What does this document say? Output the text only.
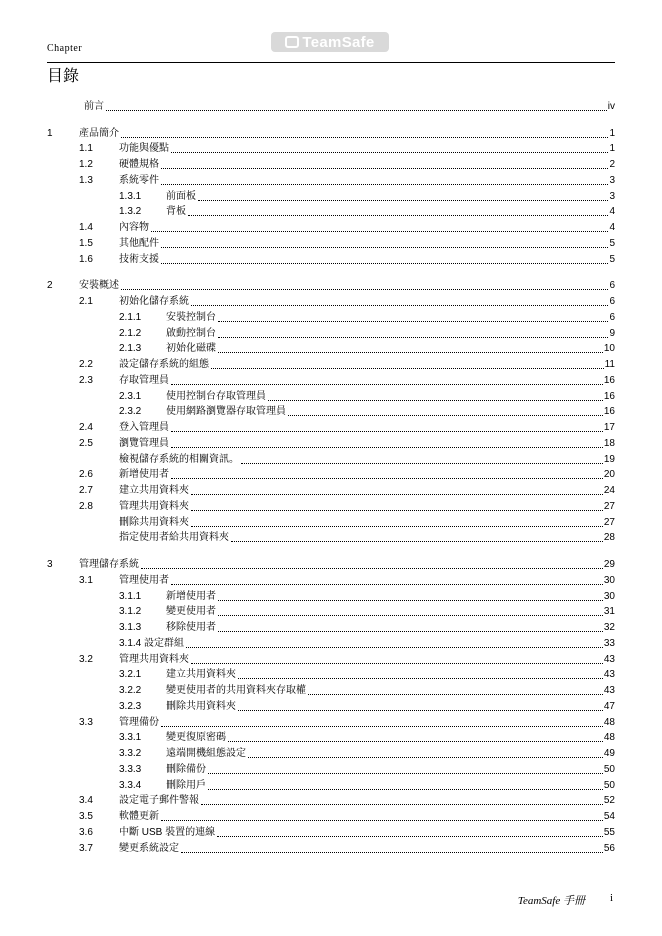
Chapter	TeamSafe
目錄
前言	iv
1	產品簡介	1
1.1	功能與優點	1
1.2	硬體規格	2
1.3	系統零件	3
1.3.1 前面板	3
1.3.2 背板	4
1.4	內容物	4
1.5	其他配件	5
1.6	技術支援	5
2	安裝概述	6
2.1	初始化儲存系統	6
2.1.1 安裝控制台	6
2.1.2 啟動控制台	9
2.1.3 初始化磁碟	10
2.2	設定儲存系統的組態	11
2.3	存取管理員	16
2.3.1 使用控制台存取管理員	16
2.3.2 使用網路瀏覽器存取管理員	16
2.4	登入管理員	17
2.5	瀏覽管理員	18
檢視儲存系統的相關資訊。	19
2.6	新增使用者	20
2.7	建立共用資料夾	24
2.8	管理共用資料夾	27
刪除共用資料夾	27
指定使用者給共用資料夾	28
3	管理儲存系統	29
3.1	管理使用者	30
3.1.1 新增使用者	30
3.1.2 變更使用者	31
3.1.3 移除使用者	32
3.1.4 設定群組	33
3.2	管理共用資料夾	43
3.2.1 建立共用資料夾	43
3.2.2 變更使用者的共用資料夾存取權	43
3.2.3 刪除共用資料夾	47
3.3	管理備份	48
3.3.1 變更復原密碼	48
3.3.2 遠端開機組態設定	49
3.3.3 刪除備份	50
3.3.4 刪除用戶	50
3.4	設定電子郵件警報	52
3.5	軟體更新	54
3.6	中斷 USB 裝置的連線	55
3.7	變更系統設定	56
TeamSafe 手冊 i
